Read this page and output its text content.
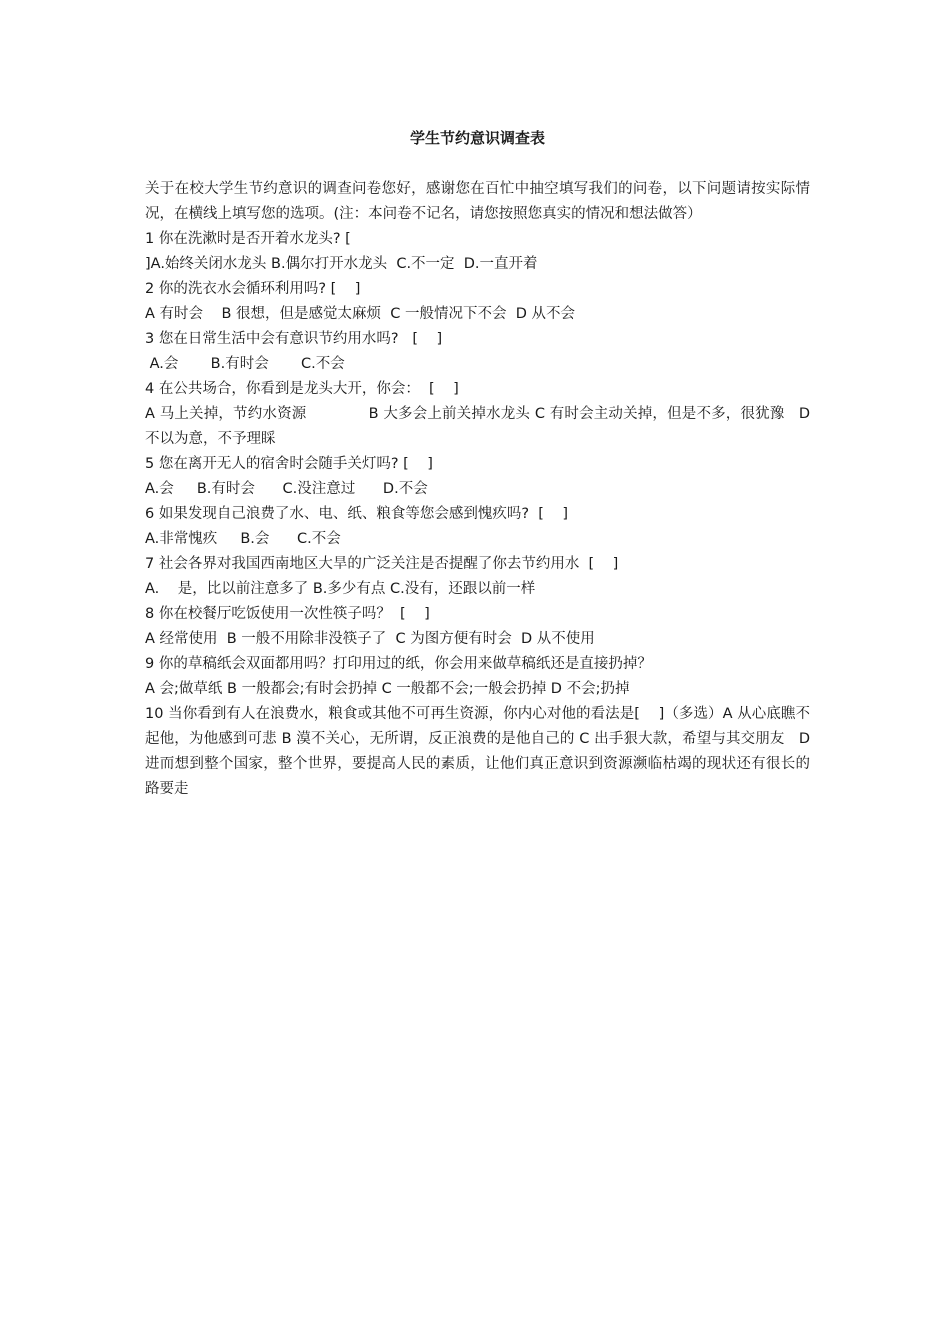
学生节约意识调查表

关于在校大学生节约意识的调查问卷您好，感谢您在百忙中抽空填写我们的问卷，以下问题请按实际情况，在横线上填写您的选项。(注：本问卷不记名，请您按照您真实的情况和想法做答）

1 你在洗漱时是否开着水龙头? [

]A.始终关闭水龙头 B.偶尔打开水龙头  C.不一定  D.一直开着

2 你的洗衣水会循环利用吗? [    ]

A 有时会    B 很想，但是感觉太麻烦  C 一般情况下不会  D 从不会

3 您在日常生活中会有意识节约用水吗?   [    ]

A.会       B.有时会       C.不会

4 在公共场合，你看到是龙头大开，你会：  [    ]

A 马上关掉，节约水资源             B 大多会上前关掉水龙头 C 有时会主动关掉，但是不多，很犹豫   D 不以为意，不予理睬

5 您在离开无人的宿舍时会随手关灯吗? [    ]

A.会     B.有时会      C.没注意过      D.不会

6 如果发现自己浪费了水、电、纸、粮食等您会感到愧疚吗?  [    ]

A.非常愧疚     B.会      C.不会

7 社会各界对我国西南地区大旱的广泛关注是否提醒了你去节约用水  [    ]

A.    是，比以前注意多了 B.多少有点 C.没有，还跟以前一样

8 你在校餐厅吃饭使用一次性筷子吗？  [    ]

A 经常使用  B 一般不用除非没筷子了  C 为图方便有时会  D 从不使用

9 你的草稿纸会双面都用吗？打印用过的纸，你会用来做草稿纸还是直接扔掉？

A 会;做草纸 B 一般都会;有时会扔掉 C 一般都不会;一般会扔掉 D 不会;扔掉

10 当你看到有人在浪费水，粮食或其他不可再生资源，你内心对他的看法是[    ]（多选）A 从心底瞧不起他，为他感到可悲 B 漠不关心，无所谓，反正浪费的是他自己的 C 出手狠大款，希望与其交朋友   D 进而想到整个国家，整个世界，要提高人民的素质，让他们真正意识到资源濒临枯竭的现状还有很长的路要走
